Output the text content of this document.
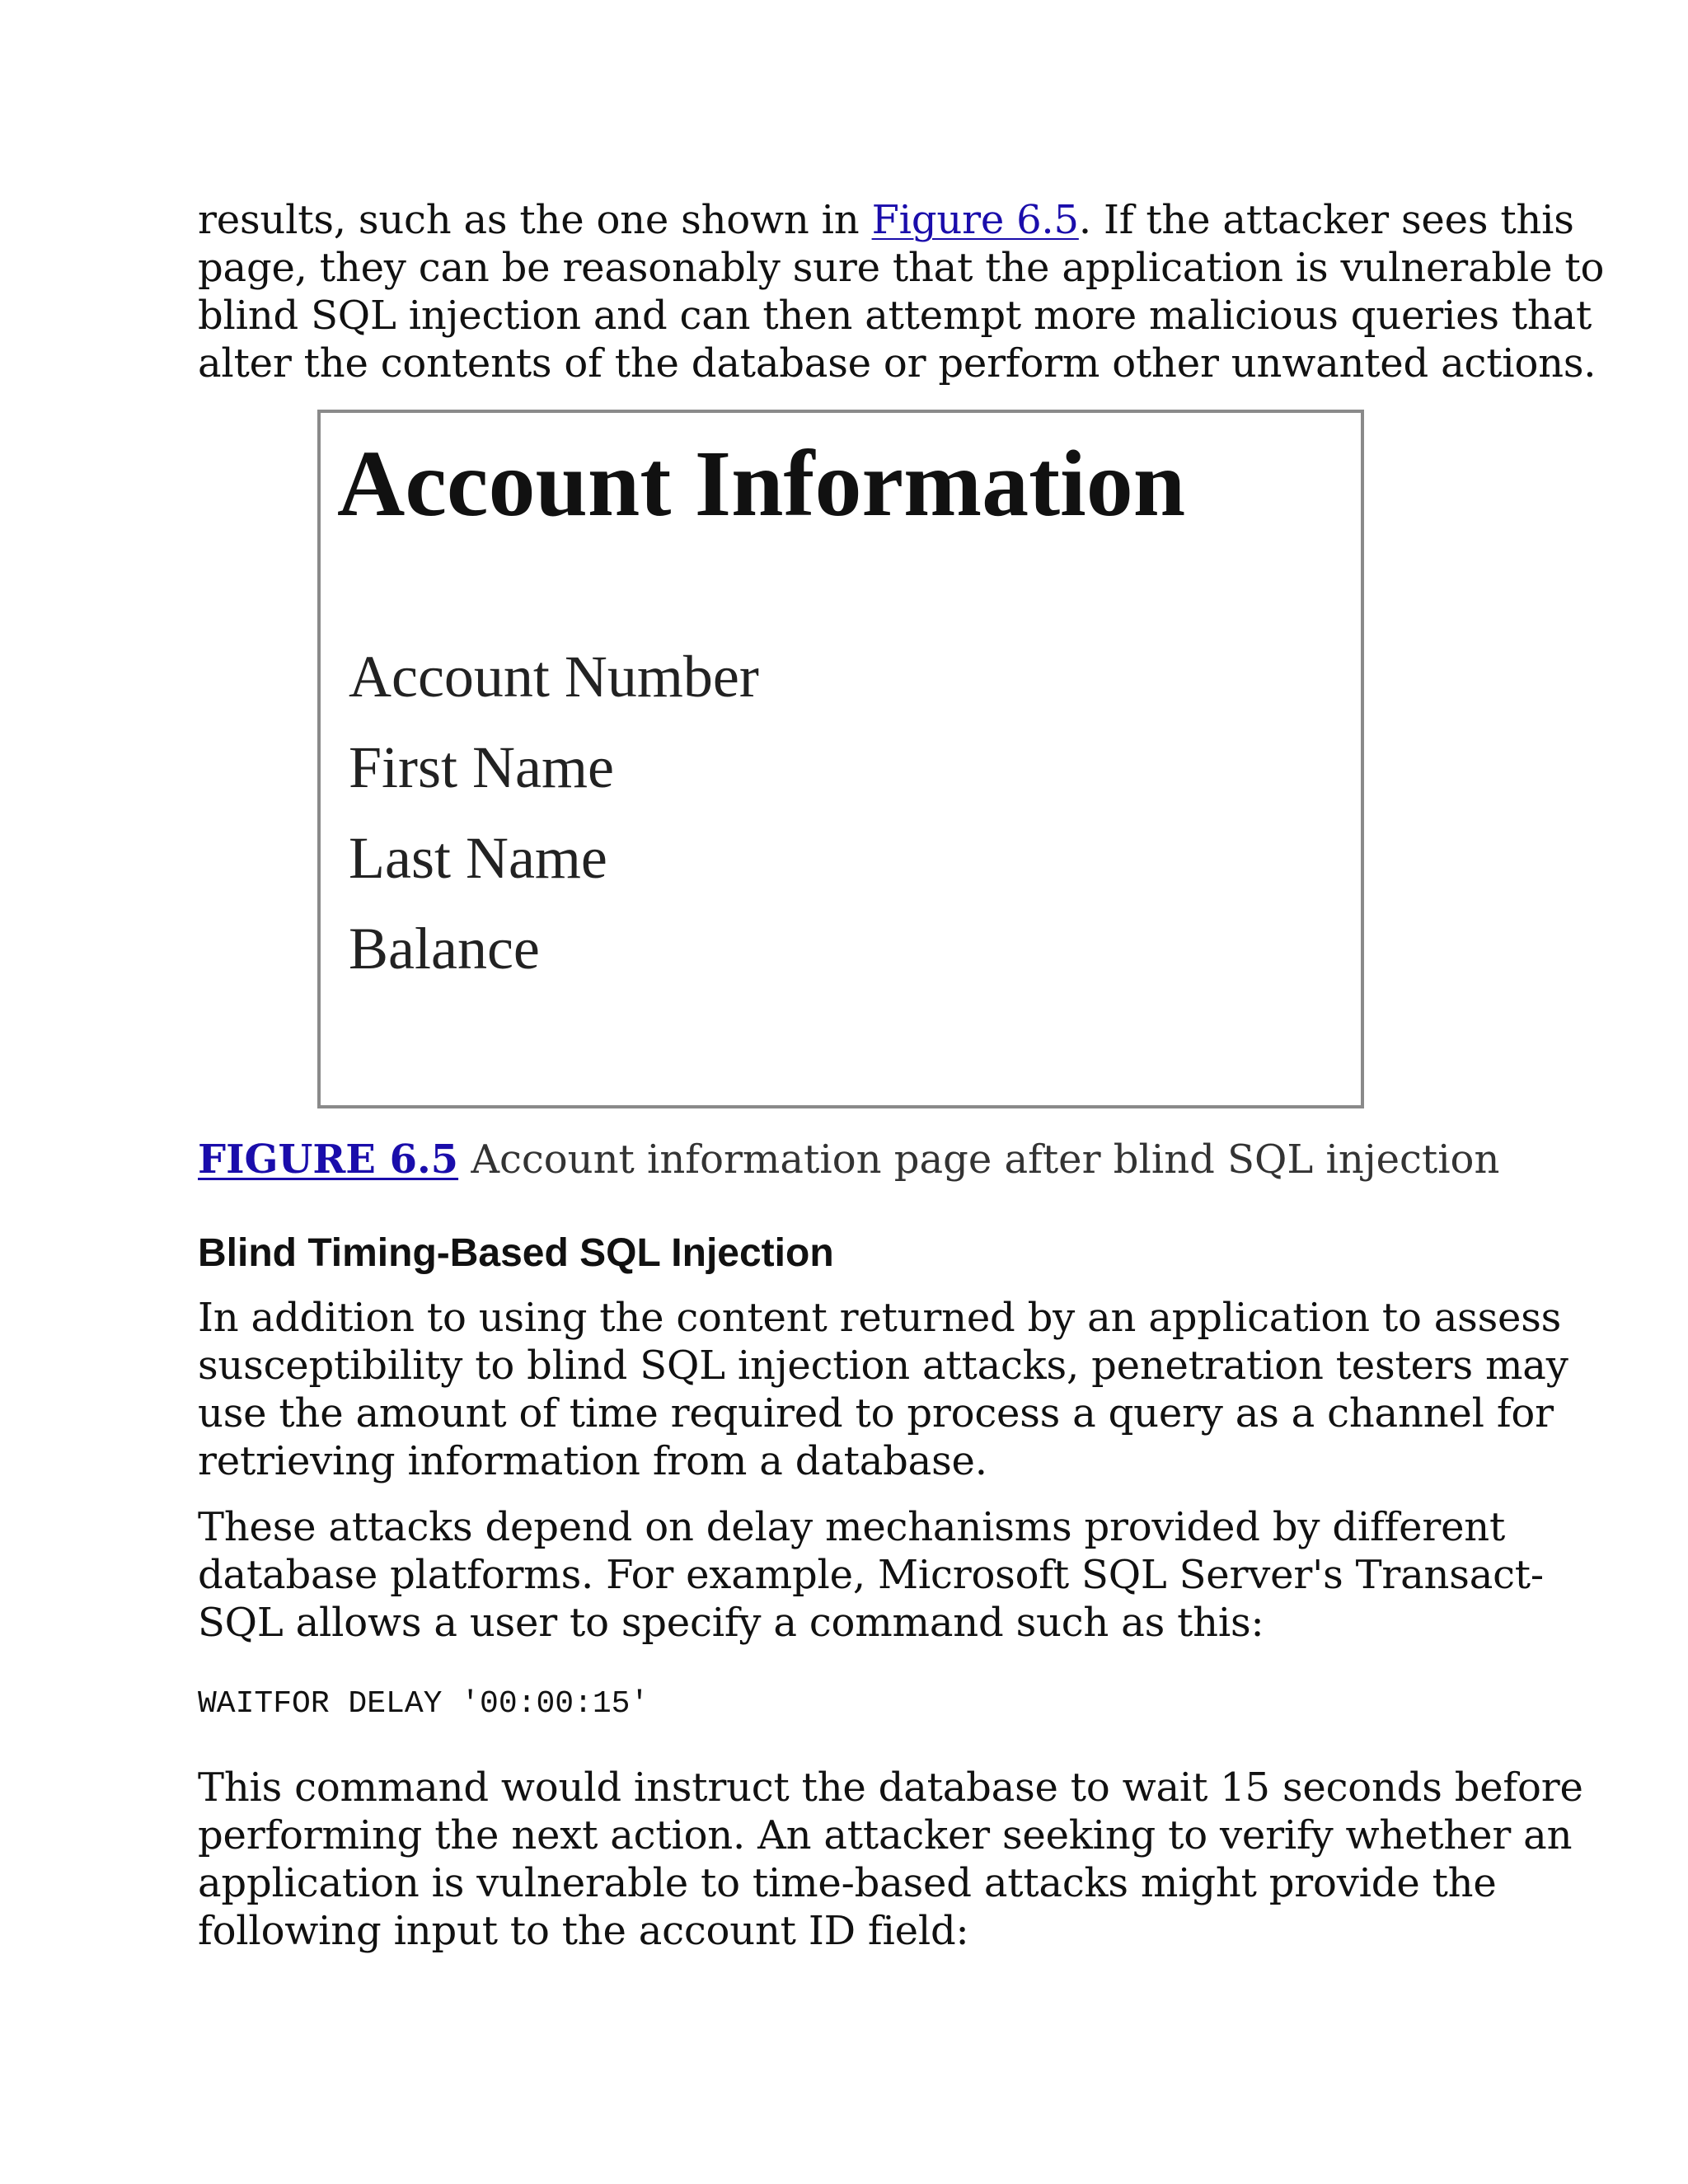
results, such as the one shown in Figure 6.5. If the attacker sees this

page, they can be reasonably sure that the application is vulnerable to

blind SQL injection and can then attempt more malicious queries that

alter the contents of the database or perform other unwanted actions.

Account Information
Account Number
First Name
Last Name
Balance
FIGURE 6.5 Account information page after blind SQL injection
Blind Timing-Based SQL Injection

In addition to using the content returned by an application to assess

susceptibility to blind SQL injection attacks, penetration testers may

use the amount of time required to process a query as a channel for

retrieving information from a database.

These attacks depend on delay mechanisms provided by different

database platforms. For example, Microsoft SQL Server's Transact-

SQL allows a user to specify a command such as this:

WAITFOR DELAY '00:00:15'

This command would instruct the database to wait 15 seconds before

performing the next action. An attacker seeking to verify whether an

application is vulnerable to time-based attacks might provide the

following input to the account ID field:
